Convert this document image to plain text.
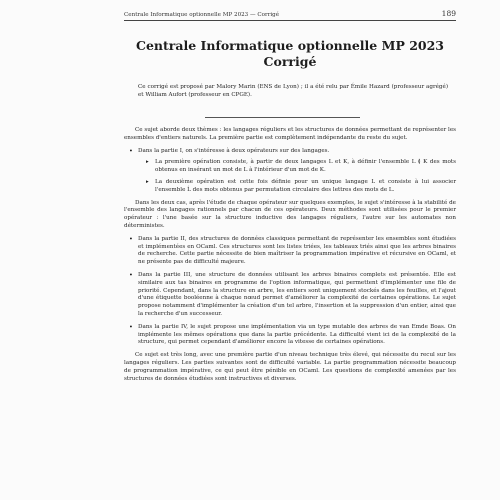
Centrale Informatique optionnelle MP 2023 — Corrigé	189

Centrale Informatique optionnelle MP 2023

Corrigé

Ce corrigé est proposé par Malory Marin (ENS de Lyon) ; il a été relu par Émile Hazard (professeur agrégé) et William Aufort (professeur en CPGE).

Ce sujet aborde deux thèmes : les langages réguliers et les structures de données permettant de représenter les ensembles d'entiers naturels. La première partie est complètement indépendante du reste du sujet.

• Dans la partie I, on s'intéresse à deux opérateurs sur des langages.
▸ La première opération consiste, à partir de deux langages L et K, à définir l'ensemble L ≬ K des mots obtenus en insérant un mot de L à l'intérieur d'un mot de K.
▸ La deuxième opération est cette fois définie pour un unique langage L et consiste à lui associer l'ensemble Ĺ des mots obtenus par permutation circulaire des lettres des mots de L.

Dans les deux cas, après l'étude de chaque opérateur sur quelques exemples, le sujet s'intéresse à la stabilité de l'ensemble des langages rationnels par chacun de ces opérateurs. Deux méthodes sont utilisées pour le premier opérateur : l'une basée sur la structure inductive des langages réguliers, l'autre sur les automates non déterministes.

• Dans la partie II, des structures de données classiques permettant de représenter les ensembles sont étudiées et implémentées en OCaml. Ces structures sont les listes triées, les tableaux triés ainsi que les arbres binaires de recherche. Cette partie nécessite de bien maîtriser la programmation impérative et récursive en OCaml, et ne présente pas de difficulté majeure.
• Dans la partie III, une structure de données utilisant les arbres binaires complets est présentée. Elle est similaire aux tas binaires en programme de l'option informatique, qui permettent d'implémenter une file de priorité. Cependant, dans la structure en arbre, les entiers sont uniquement stockés dans les feuilles, et l'ajout d'une étiquette booléenne à chaque nœud permet d'améliorer la complexité de certaines opérations. Le sujet propose notamment d'implémenter la création d'un tel arbre, l'insertion et la suppression d'un entier, ainsi que la recherche d'un successeur.
• Dans la partie IV, le sujet propose une implémentation via un type mutable des arbres de van Emde Boas. On implémente les mêmes opérations que dans la partie précédente. La difficulté vient ici de la complexité de la structure, qui permet cependant d'améliorer encore la vitesse de certaines opérations.

Ce sujet est très long, avec une première partie d'un niveau technique très élevé, qui nécessite du recul sur les langages réguliers. Les parties suivantes sont de difficulté variable. La partie programmation nécessite beaucoup de programmation impérative, ce qui peut être pénible en OCaml. Les questions de complexité amenées par les structures de données étudiées sont instructives et diverses.
